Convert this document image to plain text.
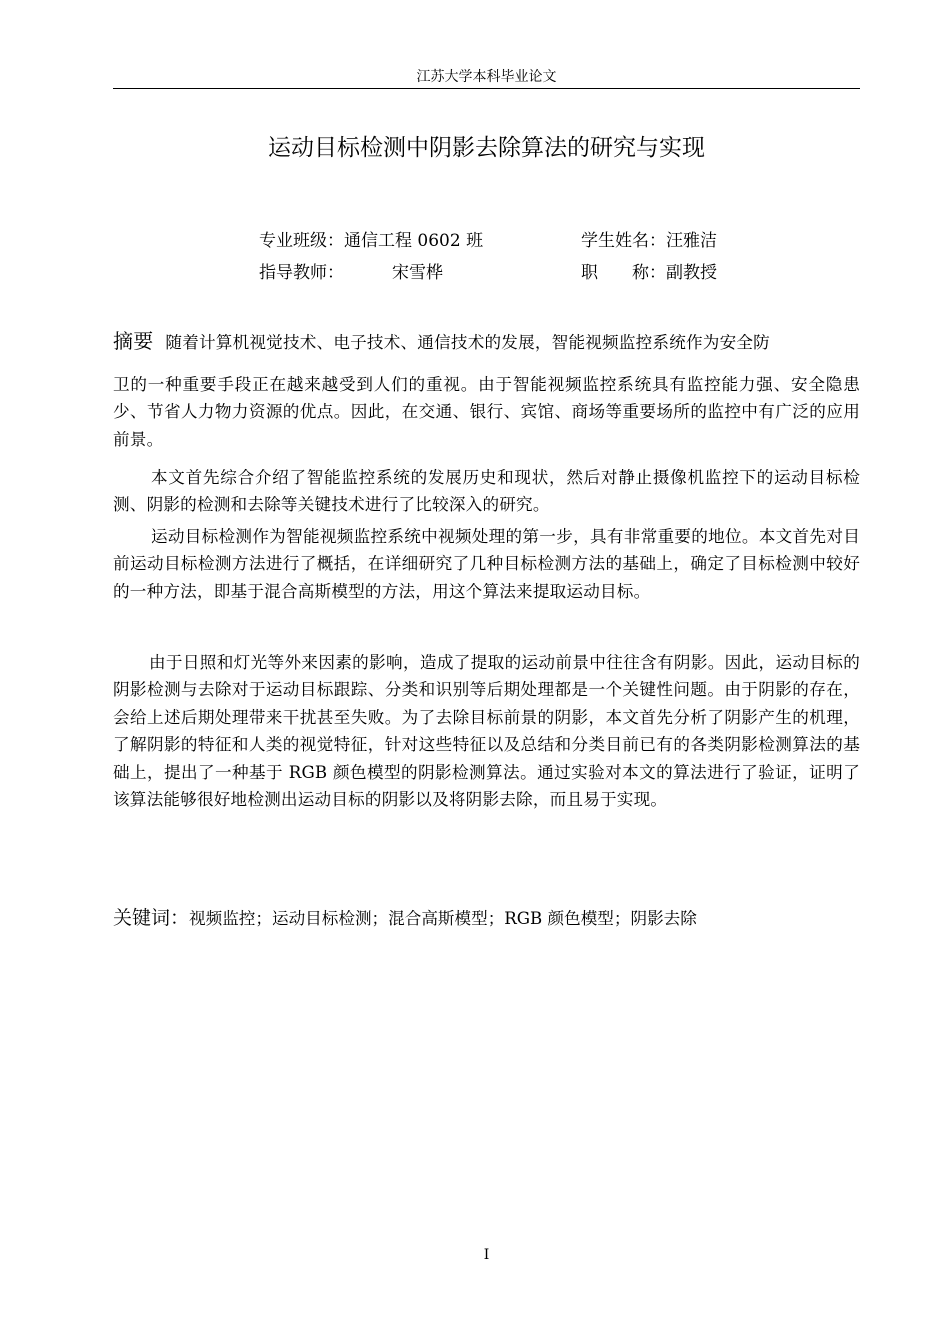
江苏大学本科毕业论文
运动目标检测中阴影去除算法的研究与实现
专业班级：通信工程 0602 班	学生姓名：汪雅洁
指导教师：	宋雪桦	职　　称：副教授
摘要 随着计算机视觉技术、电子技术、通信技术的发展，智能视频监控系统作为安全防
卫的一种重要手段正在越来越受到人们的重视。由于智能视频监控系统具有监控能力强、安全隐患少、节省人力物力资源的优点。因此，在交通、银行、宾馆、商场等重要场所的监控中有广泛的应用前景。
本文首先综合介绍了智能监控系统的发展历史和现状，然后对静止摄像机监控下的运动目标检测、阴影的检测和去除等关键技术进行了比较深入的研究。
运动目标检测作为智能视频监控系统中视频处理的第一步，具有非常重要的地位。本文首先对目前运动目标检测方法进行了概括，在详细研究了几种目标检测方法的基础上，确定了目标检测中较好的一种方法，即基于混合高斯模型的方法，用这个算法来提取运动目标。
由于日照和灯光等外来因素的影响，造成了提取的运动前景中往往含有阴影。因此，运动目标的阴影检测与去除对于运动目标跟踪、分类和识别等后期处理都是一个关键性问题。由于阴影的存在，会给上述后期处理带来干扰甚至失败。为了去除目标前景的阴影，本文首先分析了阴影产生的机理，了解阴影的特征和人类的视觉特征，针对这些特征以及总结和分类目前已有的各类阴影检测算法的基础上，提出了一种基于 RGB 颜色模型的阴影检测算法。通过实验对本文的算法进行了验证，证明了该算法能够很好地检测出运动目标的阴影以及将阴影去除，而且易于实现。
关键词：视频监控；运动目标检测；混合高斯模型；RGB 颜色模型；阴影去除
I
